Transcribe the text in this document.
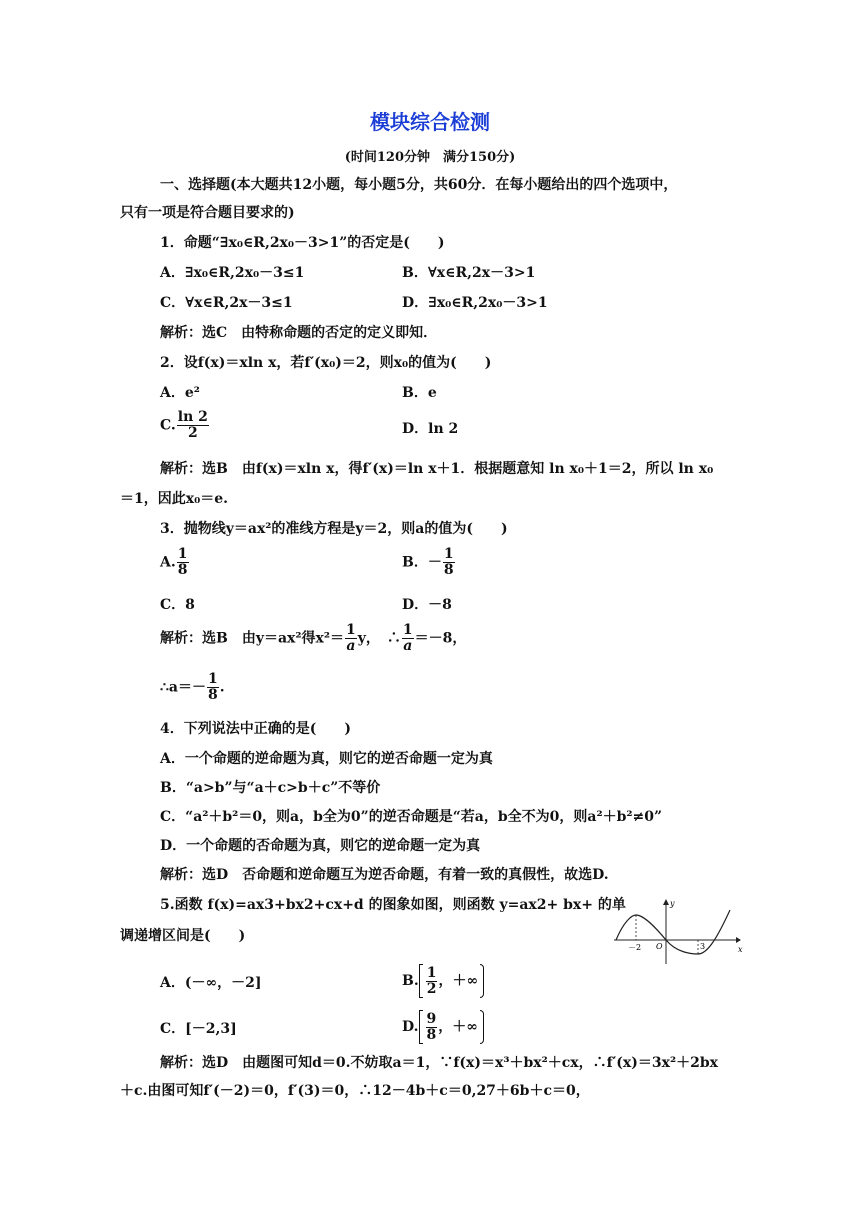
模块综合检测
(时间120分钟　满分150分)
一、选择题(本大题共12小题，每小题5分，共60分．在每小题给出的四个选项中，
只有一项是符合题目要求的)
1．命题“∃x₀∈R,2x₀－3>1”的否定是(　　)
A．∃x₀∈R,2x₀－3≤1	B．∀x∈R,2x－3>1
C．∀x∈R,2x－3≤1	D．∃x₀∈R,2x₀－3>1
解析：选C　由特称命题的否定的定义即知．
2．设f(x)＝xln x，若f′(x₀)＝2，则x₀的值为(　　)
A．e²	B．e
C. $\frac{\ln 2}{2}$	D．ln 2
解析：选B　由f(x)＝xln x，得f′(x)＝ln x＋1．根据题意知 ln x₀＋1＝2，所以 ln x₀
＝1，因此x₀＝e.
3．抛物线y＝ax²的准线方程是y＝2，则a的值为(　　)
A. $\frac{1}{8}$	B．－ $\frac{1}{8}$
C．8	D．－8
解析：选B　由y＝ax²得$x^2= \frac{1}{a}$ y，　∴ $\frac{1}{a} =-8$，
∴a＝－ $\frac{1}{8}$ .
4．下列说法中正确的是(　　)
A．一个命题的逆命题为真，则它的逆否命题一定为真
B．“a>b”与“a＋c>b＋c”不等价
C．“a²＋b²＝0，则a，b全为0”的逆否命题是“若a，b全不为0，则a²＋b²≠0”
D．一个命题的否命题为真，则它的逆命题一定为真
解析：选D　否命题和逆命题互为逆否命题，有着一致的真假性，故选D.
5.函数 f(x)=ax3+bx2+cx+d 的图象如图，则函数 y=ax2+ bx+ 的单
调递增区间是(　　)
x
y
O
－2	3
A．(－∞，－2]	B. $\frac{1}{2}$ ，＋∞
C．[－2,3]	D. $\frac{9}{8}$ ，＋∞
解析：选D　由题图可知d＝0.不妨取a＝1，∵f(x)＝x³＋bx²＋cx，∴f′(x)＝3x²＋2bx
＋c.由图可知f′(－2)＝0，f′(3)＝0，∴12－4b＋c＝0,27＋6b＋c＝0，
